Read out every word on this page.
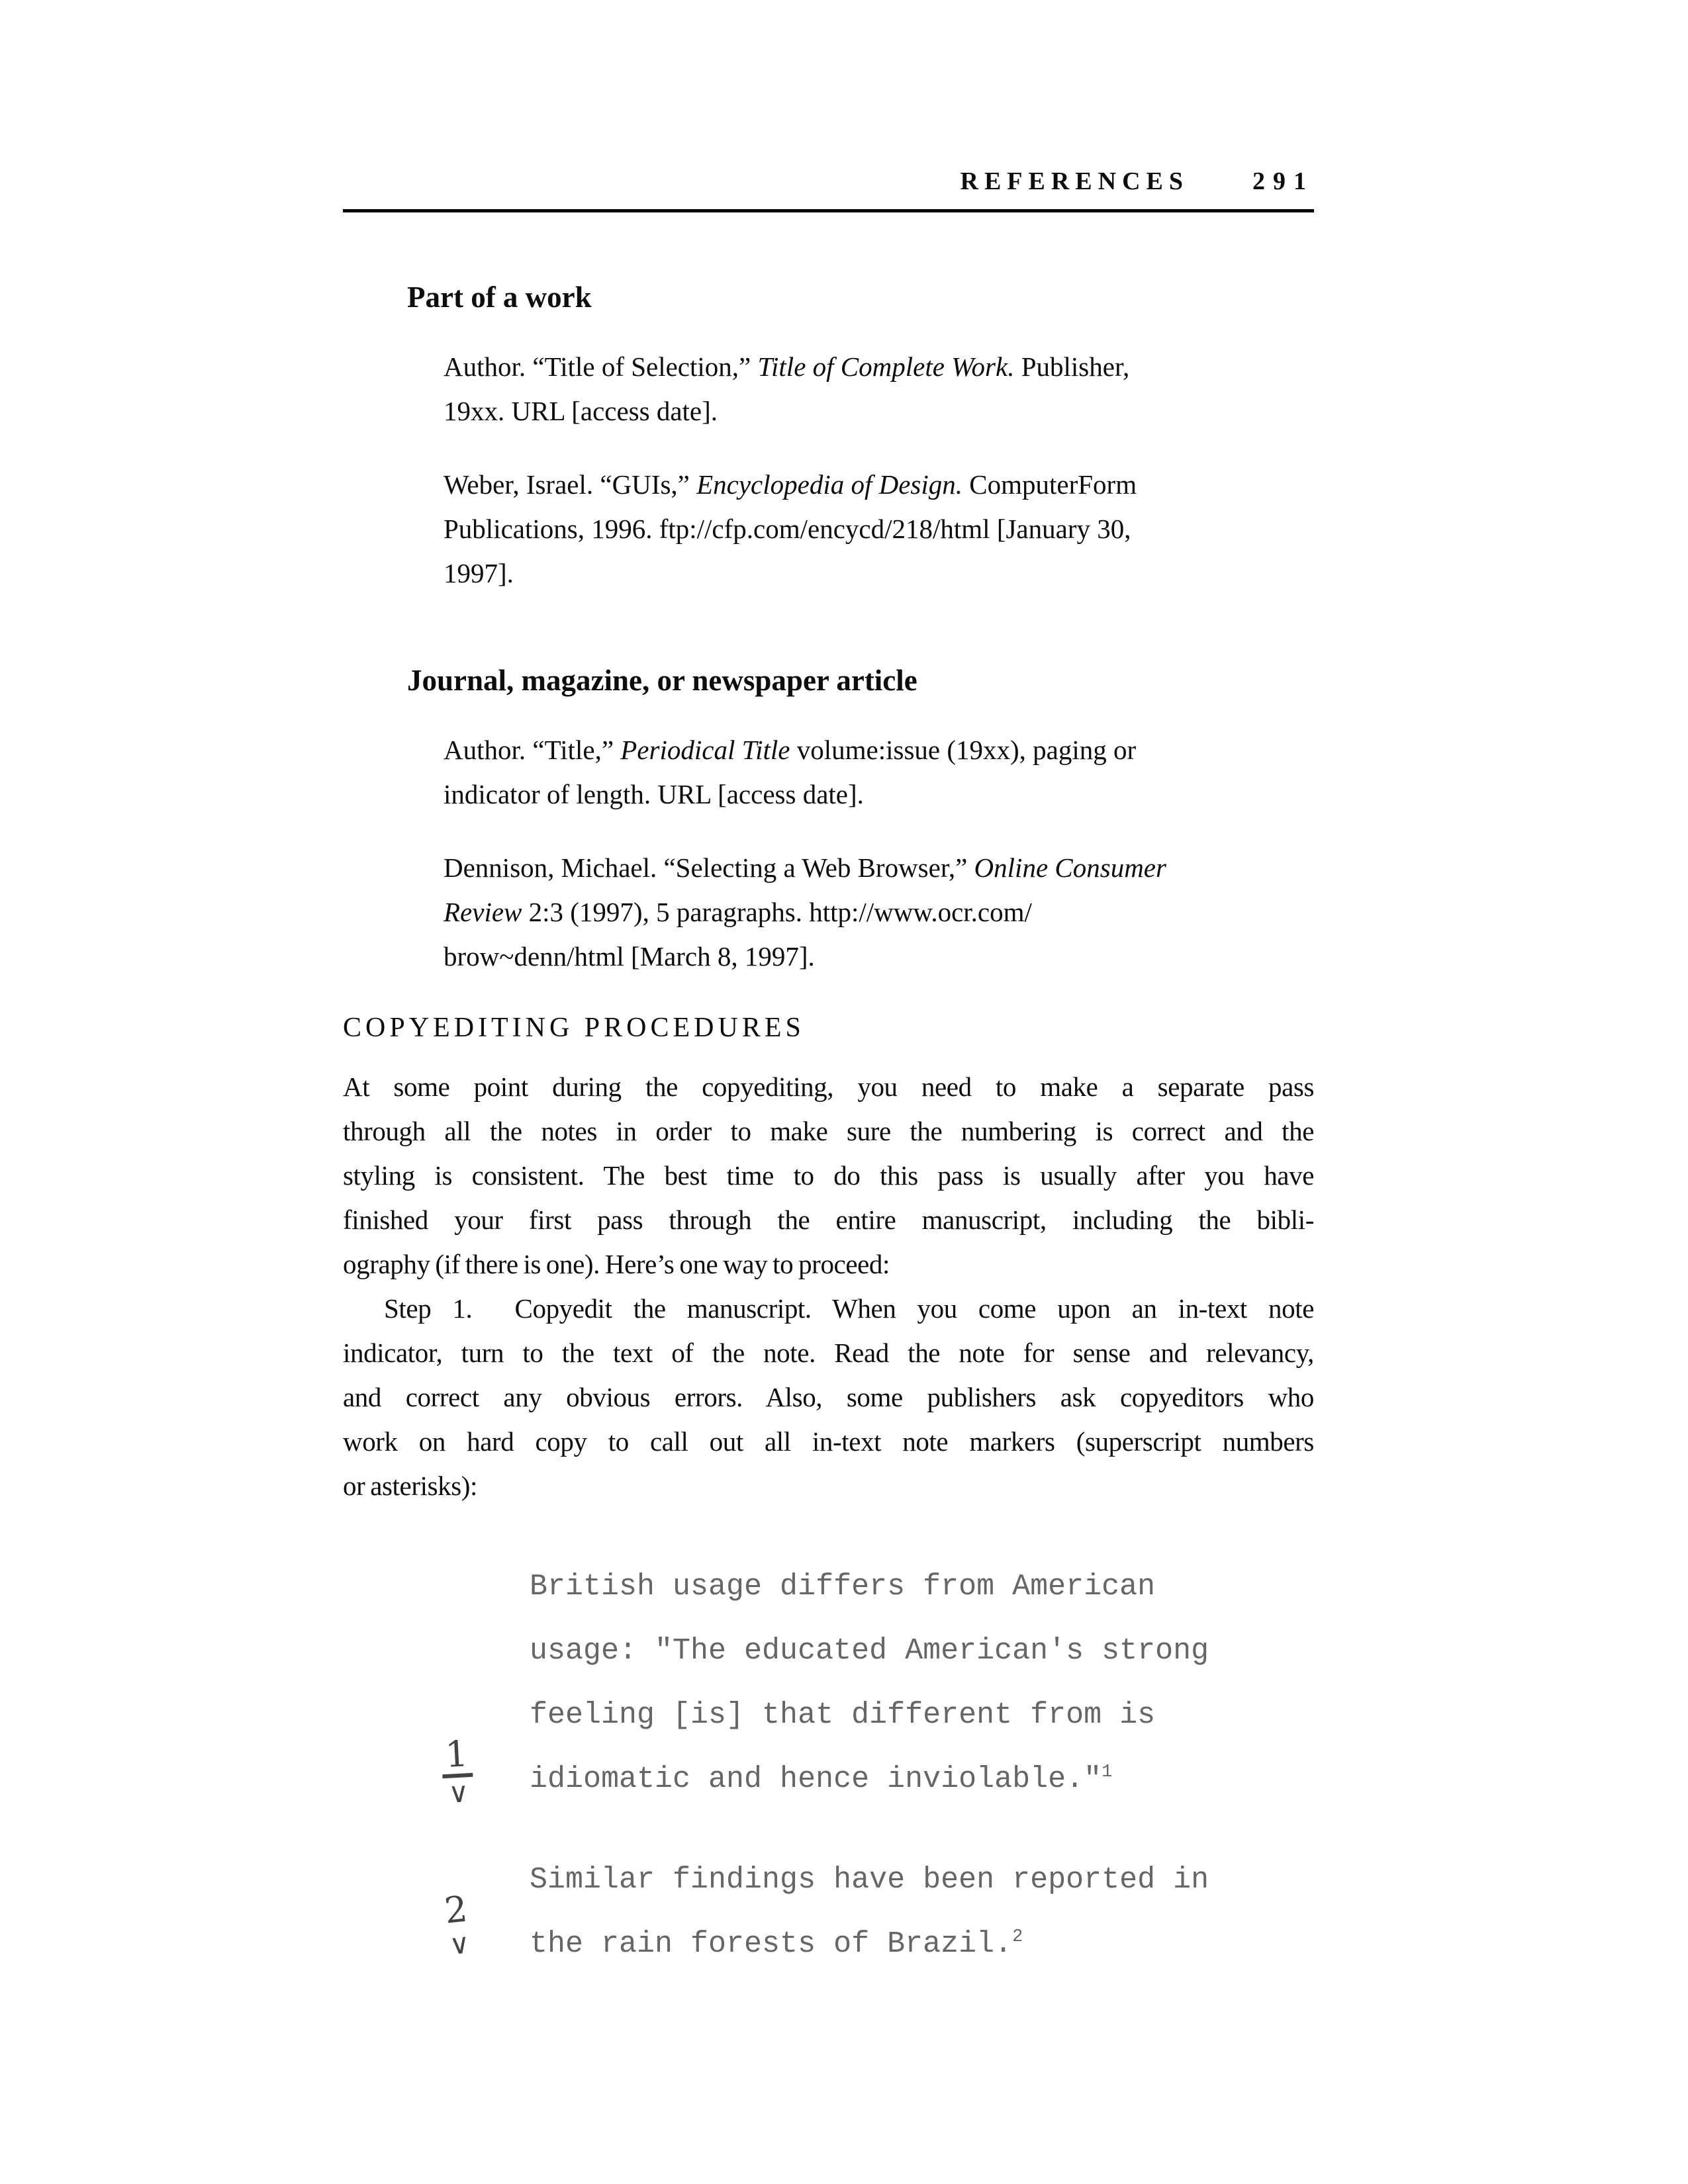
REFERENCES	291
Part of a work
Author. “Title of Selection,” Title of Complete Work. Publisher,
19xx. URL [access date].
Weber, Israel. “GUIs,” Encyclopedia of Design. ComputerForm
Publications, 1996. ftp://cfp.com/encycd/218/html [January 30,
1997].
Journal, magazine, or newspaper article
Author. “Title,” Periodical Title volume:issue (19xx), paging or
indicator of length. URL [access date].
Dennison, Michael. “Selecting a Web Browser,” Online Consumer
Review 2:3 (1997), 5 paragraphs. http://www.ocr.com/
brow~denn/html [March 8, 1997].
COPYEDITING PROCEDURES
At some point during the copyediting, you need to make a separate pass
through all the notes in order to make sure the numbering is correct and the
styling is consistent. The best time to do this pass is usually after you have
finished your first pass through the entire manuscript, including the bibli-
ography (if there is one). Here’s one way to proceed:
Step 1.  Copyedit the manuscript. When you come upon an in-text note
indicator, turn to the text of the note. Read the note for sense and relevancy,
and correct any obvious errors. Also, some publishers ask copyeditors who
work on hard copy to call out all in-text note markers (superscript numbers
or asterisks):
British usage differs from American
usage: "The educated American's strong
feeling [is] that different from is
1
∨ idiomatic and hence inviolable."$^1$
Similar findings have been reported in
2
∨ the rain forests of Brazil.$^2$
